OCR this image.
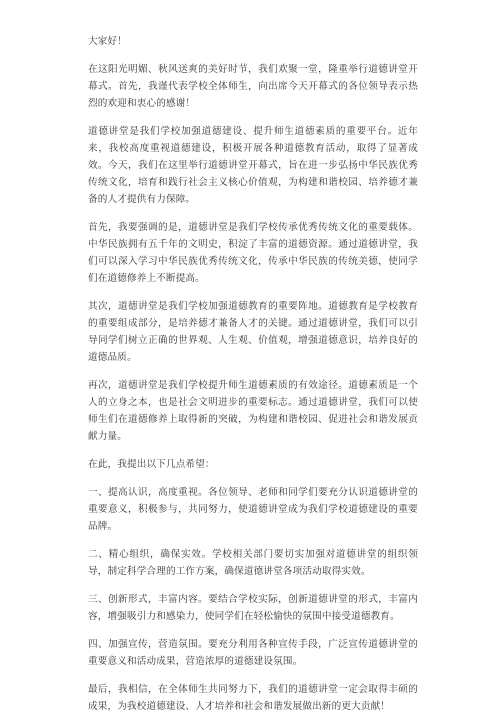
大家好！

在这阳光明媚、秋风送爽的美好时节，我们欢聚一堂，隆重举行道德讲堂开幕式。首先，我谨代表学校全体师生，向出席今天开幕式的各位领导表示热烈的欢迎和衷心的感谢！

道德讲堂是我们学校加强道德建设、提升师生道德素质的重要平台。近年来，我校高度重视道德建设，积极开展各种道德教育活动，取得了显著成效。今天，我们在这里举行道德讲堂开幕式，旨在进一步弘扬中华民族优秀传统文化，培育和践行社会主义核心价值观，为构建和谐校园、培养德才兼备的人才提供有力保障。

首先，我要强调的是，道德讲堂是我们学校传承优秀传统文化的重要载体。中华民族拥有五千年的文明史，积淀了丰富的道德资源。通过道德讲堂，我们可以深入学习中华民族优秀传统文化，传承中华民族的传统美德，使同学们在道德修养上不断提高。

其次，道德讲堂是我们学校加强道德教育的重要阵地。道德教育是学校教育的重要组成部分，是培养德才兼备人才的关键。通过道德讲堂，我们可以引导同学们树立正确的世界观、人生观、价值观，增强道德意识，培养良好的道德品质。

再次，道德讲堂是我们学校提升师生道德素质的有效途径。道德素质是一个人的立身之本，也是社会文明进步的重要标志。通过道德讲堂，我们可以使师生们在道德修养上取得新的突破，为构建和谐校园、促进社会和谐发展贡献力量。

在此，我提出以下几点希望：

一、提高认识，高度重视。各位领导、老师和同学们要充分认识道德讲堂的重要意义，积极参与，共同努力，使道德讲堂成为我们学校道德建设的重要品牌。

二、精心组织，确保实效。学校相关部门要切实加强对道德讲堂的组织领导，制定科学合理的工作方案，确保道德讲堂各项活动取得实效。

三、创新形式，丰富内容。要结合学校实际，创新道德讲堂的形式，丰富内容，增强吸引力和感染力，使同学们在轻松愉快的氛围中接受道德教育。

四、加强宣传，营造氛围。要充分利用各种宣传手段，广泛宣传道德讲堂的重要意义和活动成果，营造浓厚的道德建设氛围。

最后，我相信，在全体师生共同努力下，我们的道德讲堂一定会取得丰硕的成果，为我校道德建设、人才培养和社会和谐发展做出新的更大贡献！
